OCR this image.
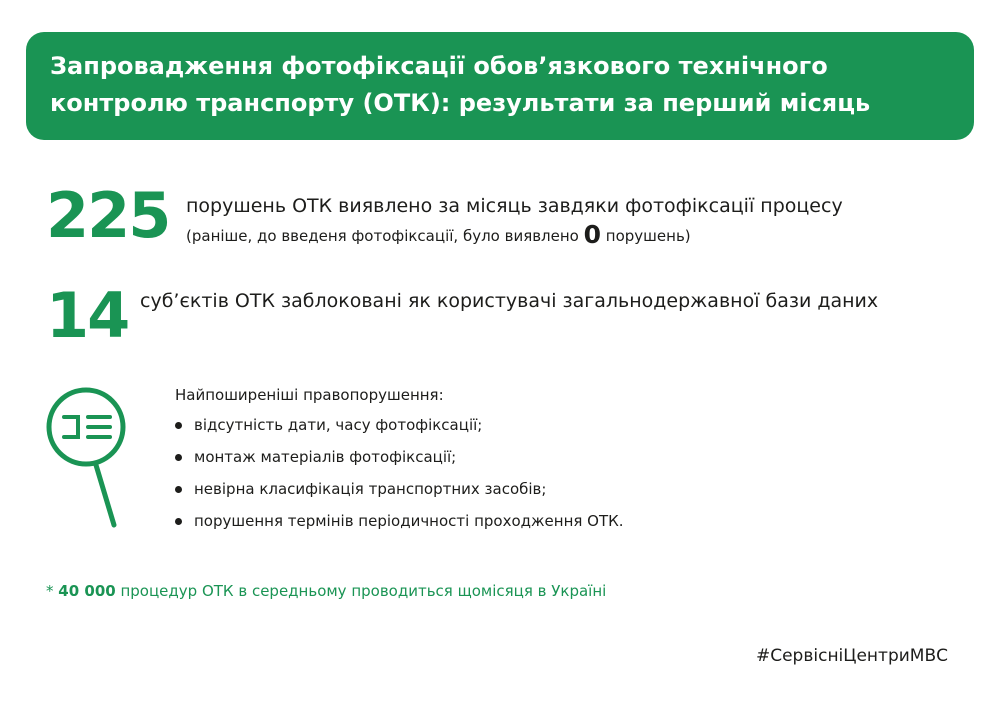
Запровадження фотофіксації обов’язкового технічного
контролю транспорту (ОТК): результати за перший місяць
225 порушень ОТК виявлено за місяць завдяки фотофіксації процесу
(раніше, до введеня фотофіксації, було виявлено 0 порушень)
14 суб’єктів ОТК заблоковані як користувачі загальнодержавної бази даних
Найпоширеніші правопорушення:
відсутність дати, часу фотофіксації;
монтаж матеріалів фотофіксації;
невірна класифікація транспортних засобів;
порушення термінів періодичності проходження ОТК.
* 40 000 процедур ОТК в середньому проводиться щомісяця в Україні
#СервісніЦентриМВС
